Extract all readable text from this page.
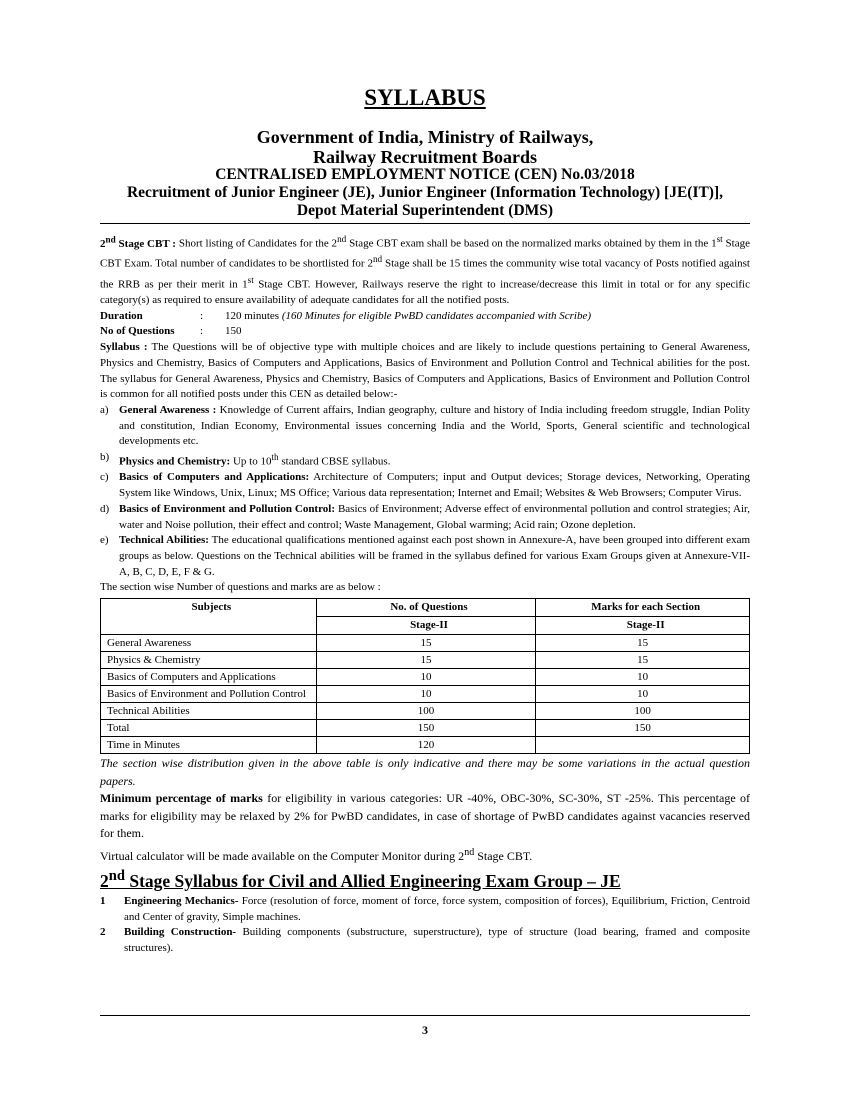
SYLLABUS

Government of India, Ministry of Railways,

Railway Recruitment Boards

CENTRALISED EMPLOYMENT NOTICE (CEN) No.03/2018

Recruitment of Junior Engineer (JE), Junior Engineer (Information Technology) [JE(IT)],

Depot Material Superintendent (DMS)

2nd Stage CBT : Short listing of Candidates for the 2nd Stage CBT exam shall be based on the normalized marks obtained by them in the 1st Stage CBT Exam. Total number of candidates to be shortlisted for 2nd Stage shall be 15 times the community wise total vacancy of Posts notified against the RRB as per their merit in 1st Stage CBT. However, Railways reserve the right to increase/decrease this limit in total or for any specific category(s) as required to ensure availability of adequate candidates for all the notified posts.

Duration	:	120 minutes (160 Minutes for eligible PwBD candidates accompanied with Scribe)
No of Questions	:	150

Syllabus : The Questions will be of objective type with multiple choices and are likely to include questions pertaining to General Awareness, Physics and Chemistry, Basics of Computers and Applications, Basics of Environment and Pollution Control and Technical abilities for the post. The syllabus for General Awareness, Physics and Chemistry, Basics of Computers and Applications, Basics of Environment and Pollution Control is common for all notified posts under this CEN as detailed below:-

a) General Awareness : Knowledge of Current affairs, Indian geography, culture and history of India including freedom struggle, Indian Polity and constitution, Indian Economy, Environmental issues concerning India and the World, Sports, General scientific and technological developments etc.
b) Physics and Chemistry: Up to 10th standard CBSE syllabus.
c) Basics of Computers and Applications: Architecture of Computers; input and Output devices; Storage devices, Networking, Operating System like Windows, Unix, Linux; MS Office; Various data representation; Internet and Email; Websites & Web Browsers; Computer Virus.
d) Basics of Environment and Pollution Control: Basics of Environment; Adverse effect of environmental pollution and control strategies; Air, water and Noise pollution, their effect and control; Waste Management, Global warming; Acid rain; Ozone depletion.
e) Technical Abilities: The educational qualifications mentioned against each post shown in Annexure-A, have been grouped into different exam groups as below. Questions on the Technical abilities will be framed in the syllabus defined for various Exam Groups given at Annexure-VII-A, B, C, D, E, F & G.

The section wise Number of questions and marks are as below :

Subjects	No. of Questions	Marks for each Section
	Stage-II	Stage-II
General Awareness	15	15
Physics & Chemistry	15	15
Basics of Computers and Applications	10	10
Basics of Environment and Pollution Control	10	10
Technical Abilities	100	100
Total	150	150
Time in Minutes	120	

The section wise distribution given in the above table is only indicative and there may be some variations in the actual question papers.

Minimum percentage of marks for eligibility in various categories: UR -40%, OBC-30%, SC-30%, ST -25%. This percentage of marks for eligibility may be relaxed by 2% for PwBD candidates, in case of shortage of PwBD candidates against vacancies reserved for them.

Virtual calculator will be made available on the Computer Monitor during 2nd Stage CBT.

2nd Stage Syllabus for Civil and Allied Engineering Exam Group – JE

1	Engineering Mechanics- Force (resolution of force, moment of force, force system, composition of forces), Equilibrium, Friction, Centroid and Center of gravity, Simple machines.
2	Building Construction- Building components (substructure, superstructure), type of structure (load bearing, framed and composite structures).
3
